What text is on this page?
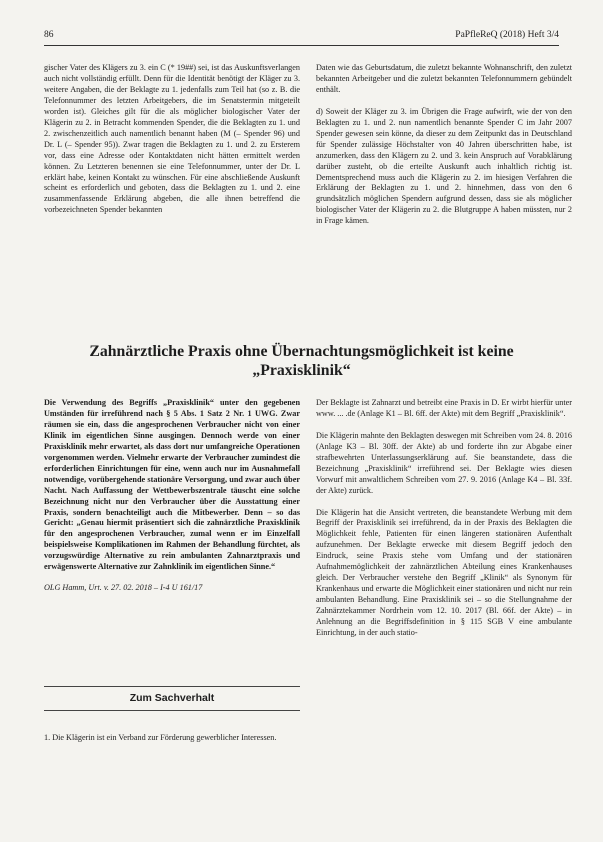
86	PaPfleReQ (2018) Heft 3/4

gischer Vater des Klägers zu 3. ein C (* 19##) sei, ist das Auskunftsverlangen auch nicht vollständig erfüllt. Denn für die Identität benötigt der Kläger zu 3. weitere Angaben, die der Beklagte zu 1. jedenfalls zum Teil hat (so z. B. die Telefonnummer des letzten Arbeitgebers, die im Senatstermin mitgeteilt worden ist). Gleiches gilt für die als möglicher biologischer Vater der Klägerin zu 2. in Betracht kommenden Spender, die die Beklagten zu 1. und 2. zwischenzeitlich auch namentlich benannt haben (M (– Spender 96) und Dr. L (– Spender 95)). Zwar tragen die Beklagten zu 1. und 2. zu Ersterem vor, dass eine Adresse oder Kontaktdaten nicht hätten ermittelt werden können. Zu Letzteren benennen sie eine Telefonnummer, unter der Dr. L erklärt habe, keinen Kontakt zu wünschen. Für eine abschließende Auskunft scheint es erforderlich und geboten, dass die Beklagten zu 1. und 2. eine zusammenfassende Erklärung abgeben, die alle ihnen betreffend die vorbezeichneten Spender bekannten

Daten wie das Geburtsdatum, die zuletzt bekannte Wohnanschrift, den zuletzt bekannten Arbeitgeber und die zuletzt bekannten Telefonnummern gebündelt enthält.

d) Soweit der Kläger zu 3. im Übrigen die Frage aufwirft, wie der von den Beklagten zu 1. und 2. nun namentlich benannte Spender C im Jahr 2007 Spender gewesen sein könne, da dieser zu dem Zeitpunkt das in Deutschland für Spender zulässige Höchstalter von 40 Jahren überschritten habe, ist anzumerken, dass den Klägern zu 2. und 3. kein Anspruch auf Vorabklärung darüber zusteht, ob die erteilte Auskunft auch inhaltlich richtig ist. Dementsprechend muss auch die Klägerin zu 2. im hiesigen Verfahren die Erklärung der Beklagten zu 1. und 2. hinnehmen, dass von den 6 grundsätzlich möglichen Spendern aufgrund dessen, dass sie als möglicher biologischer Vater der Klägerin zu 2. die Blutgruppe A haben müssten, nur 2 in Frage kämen.

Zahnärztliche Praxis ohne Übernachtungsmöglichkeit ist keine
„Praxisklinik“

Die Verwendung des Begriffs „Praxisklinik“ unter den gegebenen Umständen für irreführend nach § 5 Abs. 1 Satz 2 Nr. 1 UWG. Zwar räumen sie ein, dass die angesprochenen Verbraucher nicht von einer Klinik im eigentlichen Sinne ausgingen. Dennoch werde von einer Praxisklinik mehr erwartet, als dass dort nur umfangreiche Operationen vorgenommen werden. Vielmehr erwarte der Verbraucher zumindest die erforderlichen Einrichtungen für eine, wenn auch nur im Ausnahmefall notwendige, vorübergehende stationäre Versorgung, und zwar auch über Nacht. Nach Auffassung der Wettbewerbszentrale täuscht eine solche Bezeichnung nicht nur den Verbraucher über die Ausstattung einer Praxis, sondern benachteiligt auch die Mitbewerber. Denn – so das Gericht: „Genau hiermit präsentiert sich die zahnärztliche Praxisklinik für den angesprochenen Verbraucher, zumal wenn er im Einzelfall beispielsweise Komplikationen im Rahmen der Behandlung fürchtet, als vorzugswürdige Alternative zu rein ambulanten Zahnarztpraxis und erwägenswerte Alternative zur Zahnklinik im eigentlichen Sinne.“

OLG Hamm, Urt. v. 27. 02. 2018 – I-4 U 161/17

Zum Sachverhalt

1. Die Klägerin ist ein Verband zur Förderung gewerblicher Interessen.

Der Beklagte ist Zahnarzt und betreibt eine Praxis in D. Er wirbt hierfür unter www. ... .de (Anlage K1 – Bl. 6ff. der Akte) mit dem Begriff „Praxisklinik“.

Die Klägerin mahnte den Beklagten deswegen mit Schreiben vom 24. 8. 2016 (Anlage K3 – Bl. 30ff. der Akte) ab und forderte ihn zur Abgabe einer strafbewehrten Unterlassungserklärung auf. Sie beanstandete, dass die Bezeichnung „Praxisklinik“ irreführend sei. Der Beklagte wies diesen Vorwurf mit anwaltlichem Schreiben vom 27. 9. 2016 (Anlage K4 – Bl. 33f. der Akte) zurück.

Die Klägerin hat die Ansicht vertreten, die beanstandete Werbung mit dem Begriff der Praxisklinik sei irreführend, da in der Praxis des Beklagten die Möglichkeit fehle, Patienten für einen längeren stationären Aufenthalt aufzunehmen. Der Beklagte erwecke mit diesem Begriff jedoch den Eindruck, seine Praxis stehe vom Umfang und der stationären Aufnahmemöglichkeit der zahnärztlichen Abteilung eines Krankenhauses gleich. Der Verbraucher verstehe den Begriff „Klinik“ als Synonym für Krankenhaus und erwarte die Möglichkeit einer stationären und nicht nur rein ambulanten Behandlung. Eine Praxisklinik sei – so die Stellungnahme der Zahnärztekammer Nordrhein vom 12. 10. 2017 (Bl. 66f. der Akte) – in Anlehnung an die Begriffsdefinition in § 115 SGB V eine ambulante Einrichtung, in der auch statio-
